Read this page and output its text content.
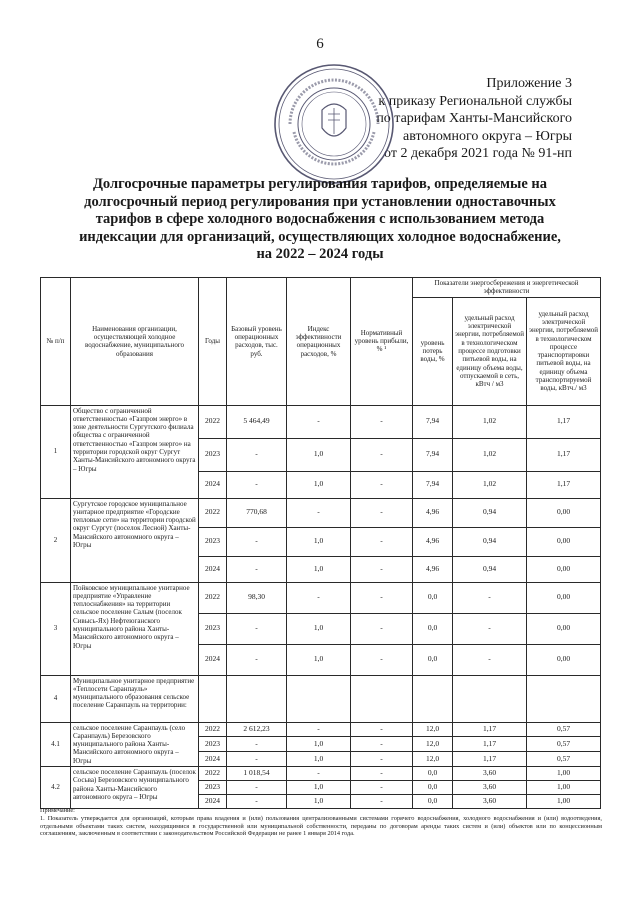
6
Приложение 3
к приказу Региональной службы
по тарифам Ханты-Мансийского
автономного округа – Югры
от 2 декабря 2021 года № 91-нп
Долгосрочные параметры регулирования тарифов, определяемые на
долгосрочный период регулирования при установлении одноставочных
тарифов в сфере холодного водоснабжения с использованием метода
индексации для организаций, осуществляющих холодное водоснабжение,
на 2022 – 2024 годы
№ п/п	Наименования организации, осуществляющей холодное водоснабжение, муниципального образования	Годы	Базовый уровень операционных расходов, тыс. руб.	Индекс эффективности операционных расходов, %	Нормативный уровень прибыли, % ¹	Показатели энергосбережения и энергетической эффективности		
						уровень потерь воды, %	удельный расход электрической энергии, потребляемой в технологическом процессе подготовки питьевой воды, на единицу объема воды, отпускаемой в сеть, кВтч / м3	удельный расход электрической энергии, потребляемой в технологическом процессе транспортировки питьевой воды, на единицу объема транспортируемой воды, кВтч./ м3
1	Общество с ограниченной ответственностью «Газпром энерго» в зоне деятельности Сургутского филиала общества с ограниченной ответственностью «Газпром энерго» на территории городской округ Сургут Ханты-Мансийского автономного округа – Югры	2022	5 464,49	-	-	7,94	1,02	1,17
		2023	-	1,0	-	7,94	1,02	1,17
		2024	-	1,0	-	7,94	1,02	1,17
2	Сургутское городское муниципальное унитарное предприятие «Городские тепловые сети» на территории городской округ Сургут (поселок Лесной) Ханты-Мансийского автономного округа – Югры	2022	770,68	-	-	4,96	0,94	0,00
		2023	-	1,0	-	4,96	0,94	0,00
		2024	-	1,0	-	4,96	0,94	0,00
3	Пойковское муниципальное унитарное предприятие «Управление теплоснабжения» на территории сельское поселение Салым (поселок Сивысь-Ях) Нефтеюганского муниципального района Ханты-Мансийского автономного округа – Югры	2022	98,30	-	-	0,0	-	0,00
		2023	-	1,0	-	0,0	-	0,00
		2024	-	1,0	-	0,0	-	0,00
4	Муниципальное унитарное предприятие «Теплосети Саранпауль» муниципального образования сельское поселение Саранпауль на территории:							
4.1	сельское поселение Саранпауль (село Саранпауль) Березовского муниципального района Ханты-Мансийского автономного округа – Югры	2022	2 612,23	-	-	12,0	1,17	0,57
		2023	-	1,0	-	12,0	1,17	0,57
		2024	-	1,0	-	12,0	1,17	0,57
4.2	сельское поселение Саранпауль (поселок Сосьва) Березовского муниципального района Ханты-Мансийского автономного округа – Югры	2022	1 018,54	-	-	0,0	3,60	1,00
		2023	-	1,0	-	0,0	3,60	1,00
		2024	-	1,0	-	0,0	3,60	1,00

Примечание:

1. Показатель утверждается для организаций, которым права владения и (или) пользования централизованными системами горячего водоснабжения, холодного водоснабжения и (или) водоотведения, отдельными объектами таких систем, находящимися в государственной или муниципальной собственности, переданы по договорам аренды таких систем и (или) объектов или по концессионным соглашениям, заключенным в соответствии с законодательством Российской Федерации не ранее 1 января 2014 года.
